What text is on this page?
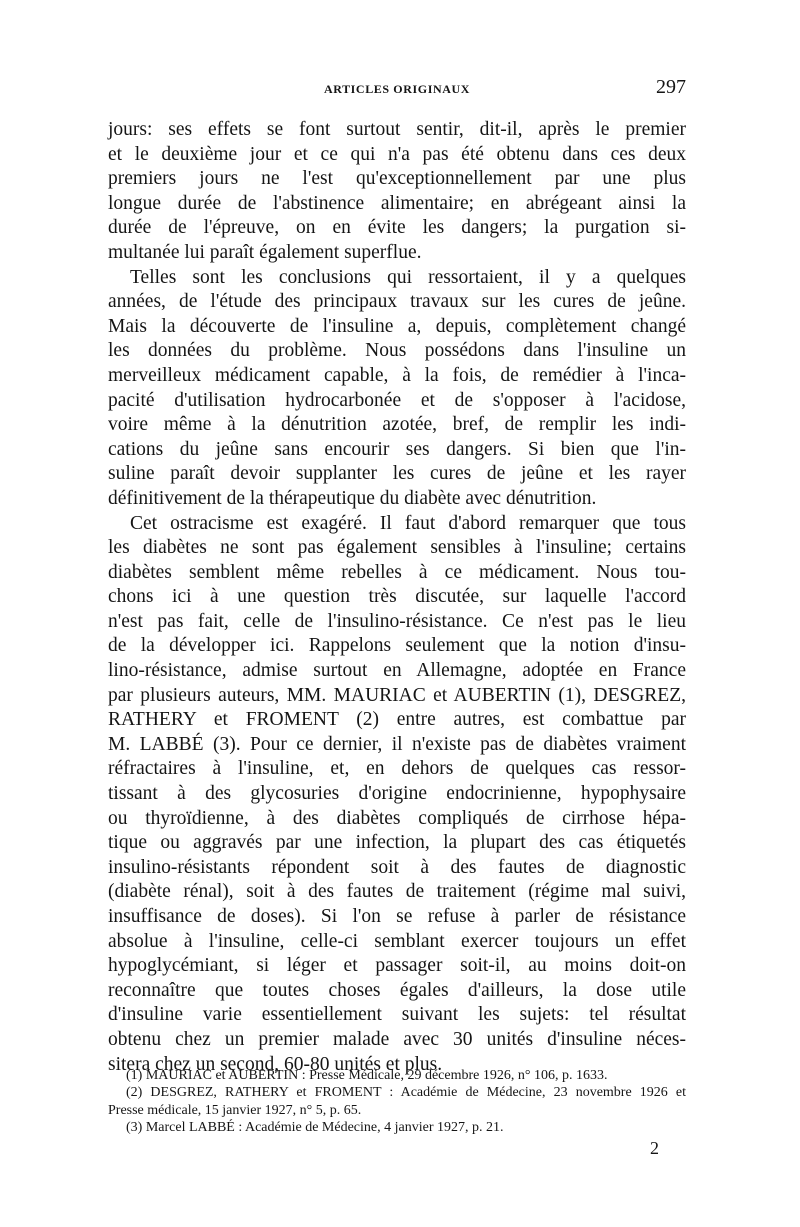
ARTICLES ORIGINAUX	297
jours: ses effets se font surtout sentir, dit-il, après le premier
et le deuxième jour et ce qui n'a pas été obtenu dans ces deux
premiers jours ne l'est qu'exceptionnellement par une plus
longue durée de l'abstinence alimentaire; en abrégeant ainsi la
durée de l'épreuve, on en évite les dangers; la purgation si-
multanée lui paraît également superflue.
Telles sont les conclusions qui ressortaient, il y a quelques
années, de l'étude des principaux travaux sur les cures de jeûne.
Mais la découverte de l'insuline a, depuis, complètement changé
les données du problème. Nous possédons dans l'insuline un
merveilleux médicament capable, à la fois, de remédier à l'inca-
pacité d'utilisation hydrocarbonée et de s'opposer à l'acidose,
voire même à la dénutrition azotée, bref, de remplir les indi-
cations du jeûne sans encourir ses dangers. Si bien que l'in-
suline paraît devoir supplanter les cures de jeûne et les rayer
définitivement de la thérapeutique du diabète avec dénutrition.
Cet ostracisme est exagéré. Il faut d'abord remarquer que tous
les diabètes ne sont pas également sensibles à l'insuline; certains
diabètes semblent même rebelles à ce médicament. Nous tou-
chons ici à une question très discutée, sur laquelle l'accord
n'est pas fait, celle de l'insulino-résistance. Ce n'est pas le lieu
de la développer ici. Rappelons seulement que la notion d'insu-
lino-résistance, admise surtout en Allemagne, adoptée en France
par plusieurs auteurs, MM. MAURIAC et AUBERTIN (1), DESGREZ,
RATHERY et FROMENT (2) entre autres, est combattue par
M. LABBÉ (3). Pour ce dernier, il n'existe pas de diabètes vraiment
réfractaires à l'insuline, et, en dehors de quelques cas ressor-
tissant à des glycosuries d'origine endocrinienne, hypophysaire
ou thyroïdienne, à des diabètes compliqués de cirrhose hépa-
tique ou aggravés par une infection, la plupart des cas étiquetés
insulino-résistants répondent soit à des fautes de diagnostic
(diabète rénal), soit à des fautes de traitement (régime mal suivi,
insuffisance de doses). Si l'on se refuse à parler de résistance
absolue à l'insuline, celle-ci semblant exercer toujours un effet
hypoglycémiant, si léger et passager soit-il, au moins doit-on
reconnaître que toutes choses égales d'ailleurs, la dose utile
d'insuline varie essentiellement suivant les sujets: tel résultat
obtenu chez un premier malade avec 30 unités d'insuline néces-
sitera chez un second, 60-80 unités et plus.
(1) MAURIAC et AUBERTIN : Presse Médicale, 29 décembre 1926, n° 106, p. 1633.
(2) DESGREZ, RATHERY et FROMENT : Académie de Médecine, 23 novembre 1926 et
Presse médicale, 15 janvier 1927, n° 5, p. 65.
(3) Marcel LABBÉ : Académie de Médecine, 4 janvier 1927, p. 21.
2
